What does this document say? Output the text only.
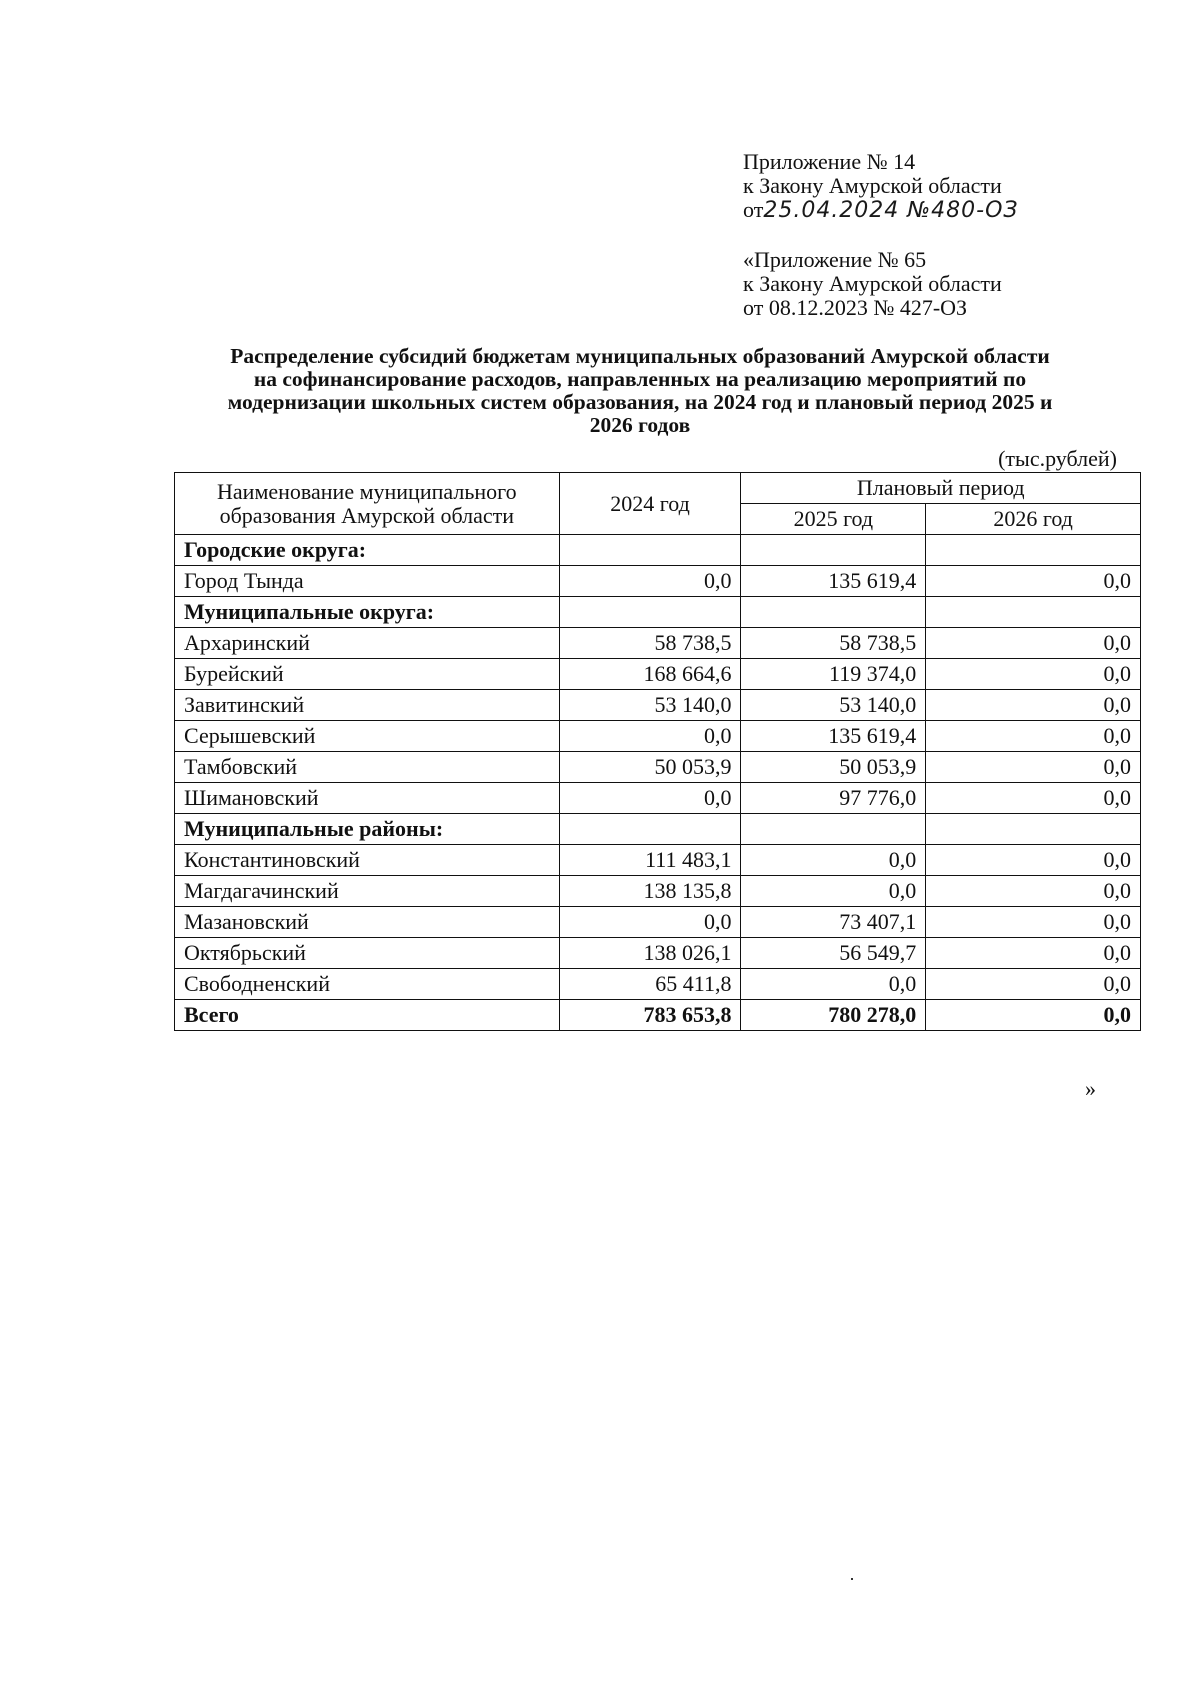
Приложение № 14
к Закону Амурской области
от25.04.2024 №480-ОЗ
«Приложение № 65
к Закону Амурской области
от 08.12.2023 № 427-ОЗ
Распределение субсидий бюджетам муниципальных образований Амурской области
на софинансирование расходов, направленных на реализацию мероприятий по
модернизации школьных систем образования, на 2024 год и плановый период 2025 и
2026 годов
(тыс.рублей)
Наименование муниципального образования Амурской области	2024 год	Плановый период	
		2025 год	2026 год
Городские округа:			
Город Тында	0,0	135 619,4	0,0
Муниципальные округа:			
Архаринский	58 738,5	58 738,5	0,0
Бурейский	168 664,6	119 374,0	0,0
Завитинский	53 140,0	53 140,0	0,0
Серышевский	0,0	135 619,4	0,0
Тамбовский	50 053,9	50 053,9	0,0
Шимановский	0,0	97 776,0	0,0
Муниципальные районы:			
Константиновский	111 483,1	0,0	0,0
Магдагачинский	138 135,8	0,0	0,0
Мазановский	0,0	73 407,1	0,0
Октябрьский	138 026,1	56 549,7	0,0
Свободненский	65 411,8	0,0	0,0
Всего	783 653,8	780 278,0	0,0
»
